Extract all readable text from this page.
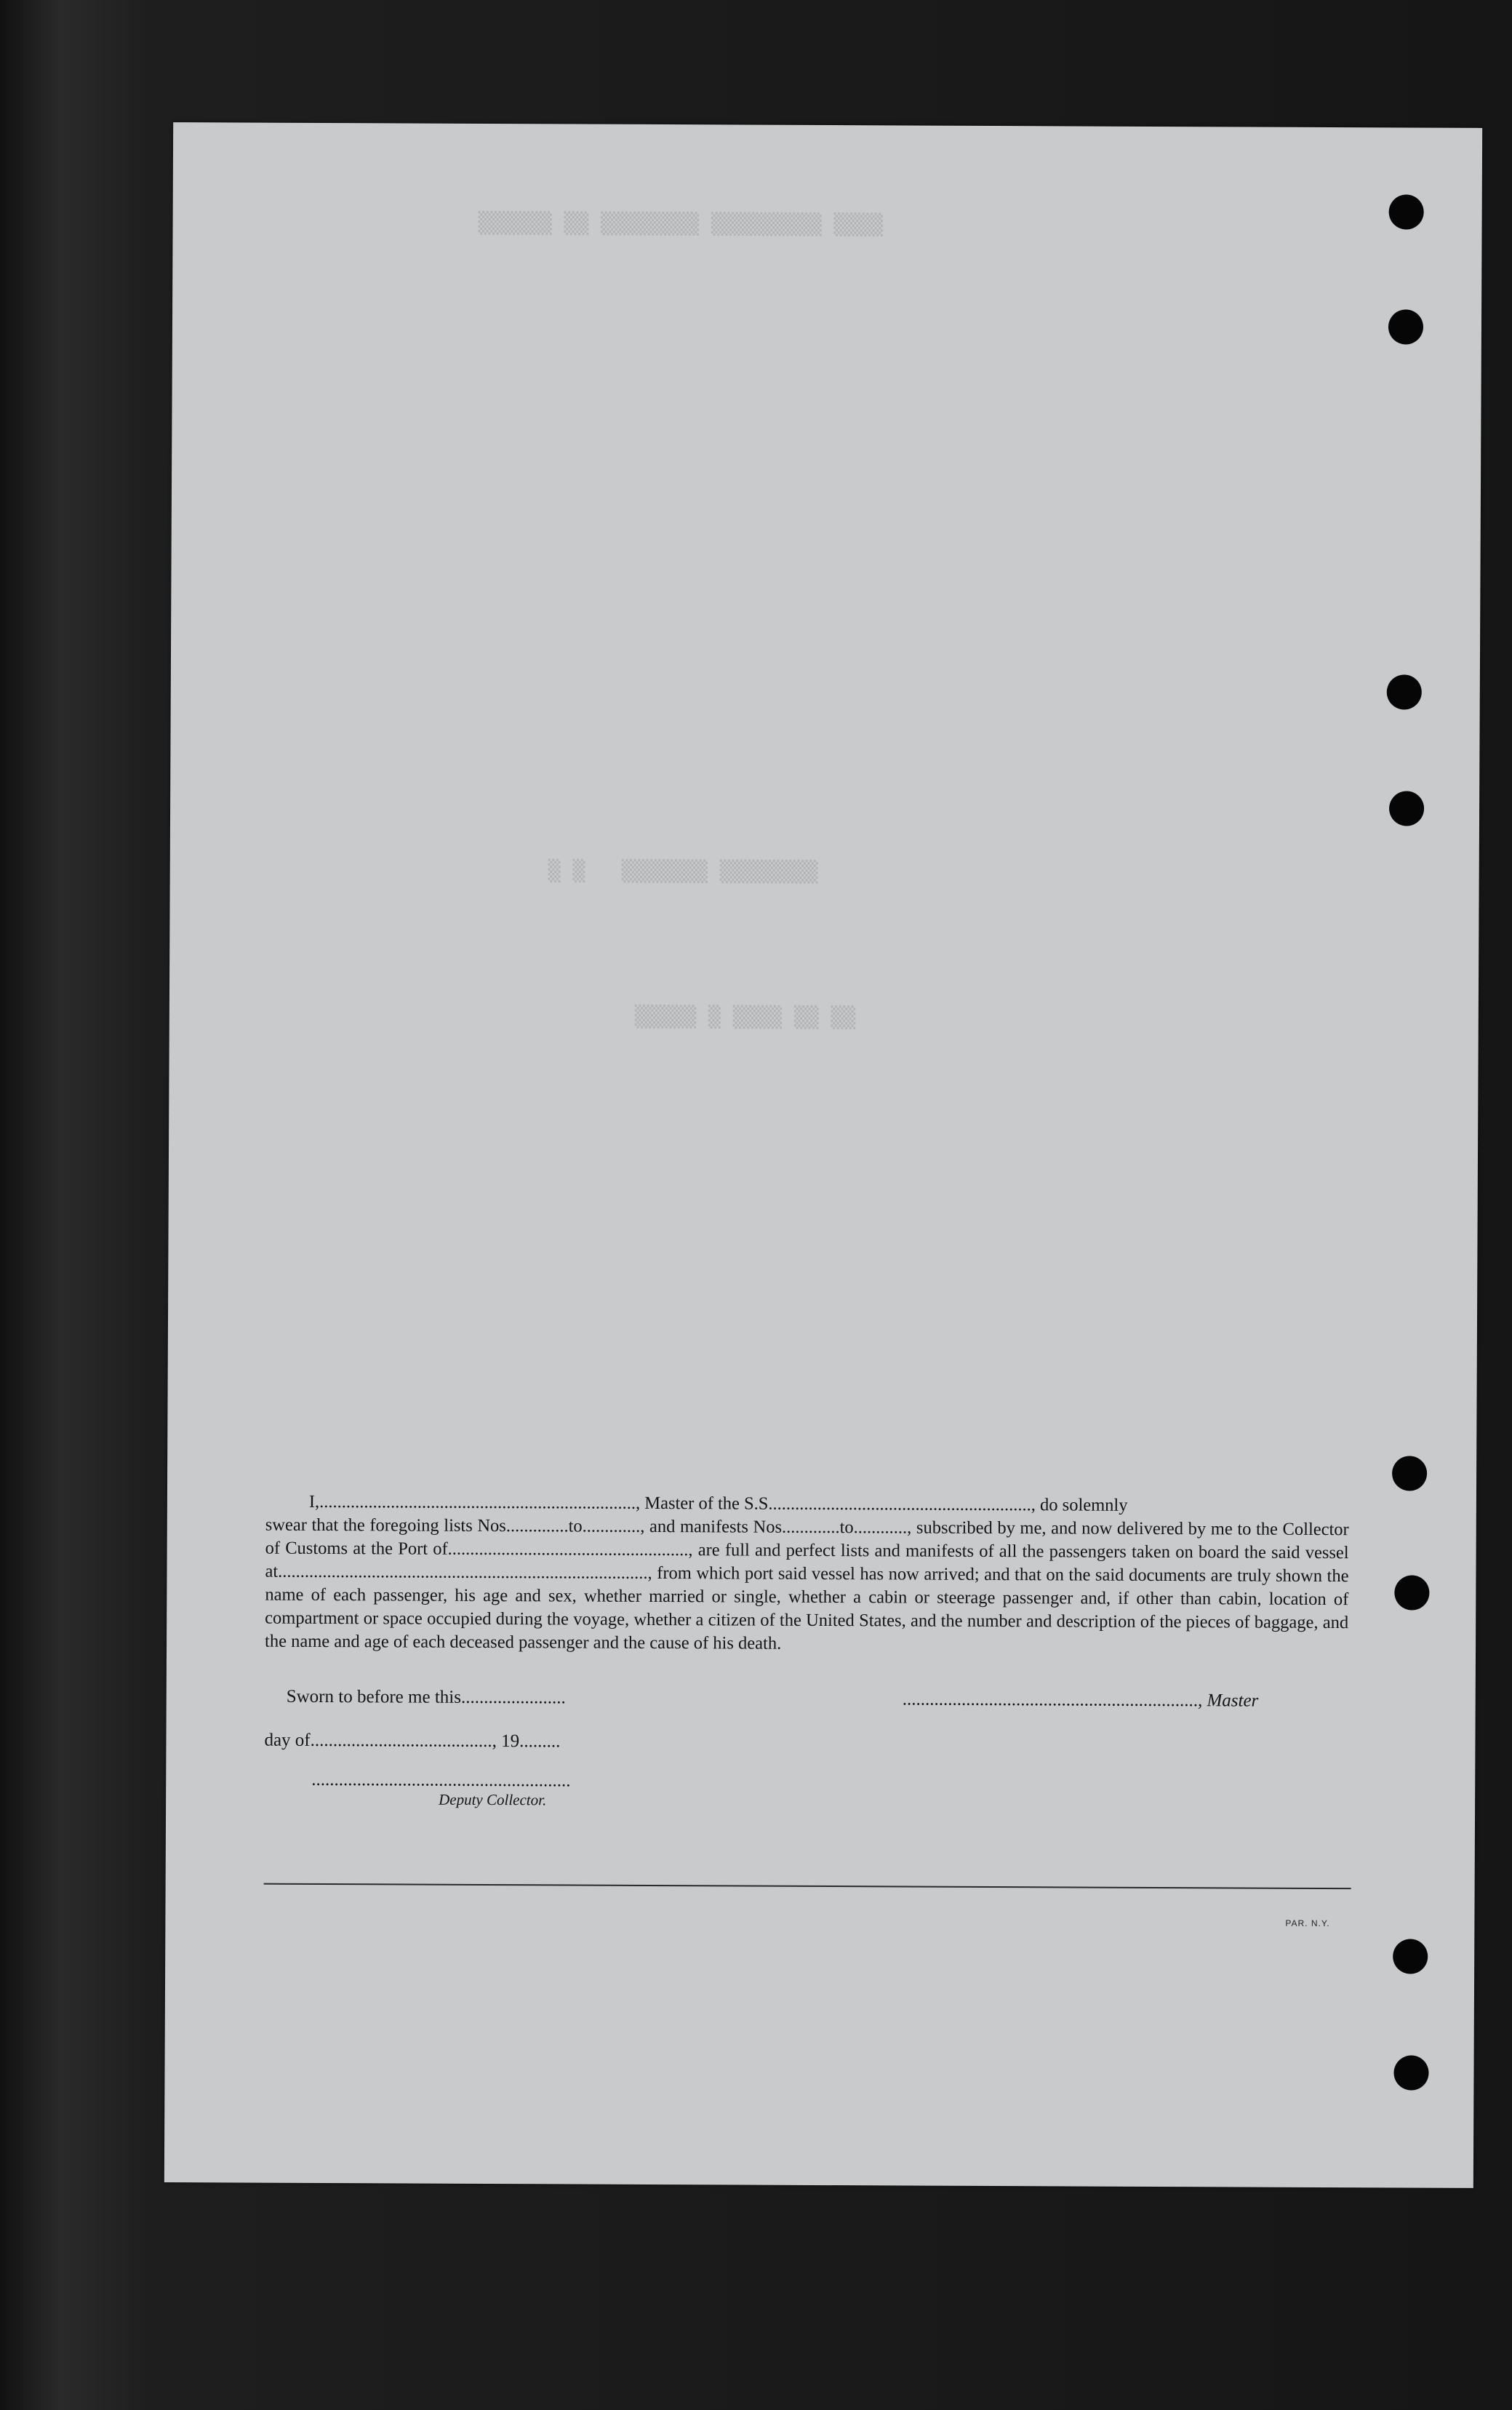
▒▒▒▒▒▒ ▒▒ ▒▒▒▒▒▒▒▒ ▒▒▒▒▒▒▒▒▒ ▒▒▒▒
▒ ▒   ▒▒▒▒▒▒▒ ▒▒▒▒▒▒▒▒
▒▒▒▒▒ ▒ ▒▒▒▒ ▒▒ ▒▒

I,......................................................................., Master of the S.S..........................................................., do solemnly

swear that the foregoing lists Nos..............to............., and manifests Nos.............to............, subscribed by me, and now delivered by me to the Collector of Customs at the Port of......................................................, are full and perfect lists and manifests of all the passengers taken on board the said vessel at..................................................................................., from which port said vessel has now arrived; and that on the said documents are truly shown the name of each passenger, his age and sex, whether married or single, whether a cabin or steerage passenger and, if other than cabin, location of compartment or space occupied during the voyage, whether a citizen of the United States, and the number and description of the pieces of baggage, and the name and age of each deceased passenger and the cause of his death.

Sworn to before me this.......................	................................................................., Master
day of........................................, 19.........
.........................................................
Deputy Collector.
PAR. N.Y.
